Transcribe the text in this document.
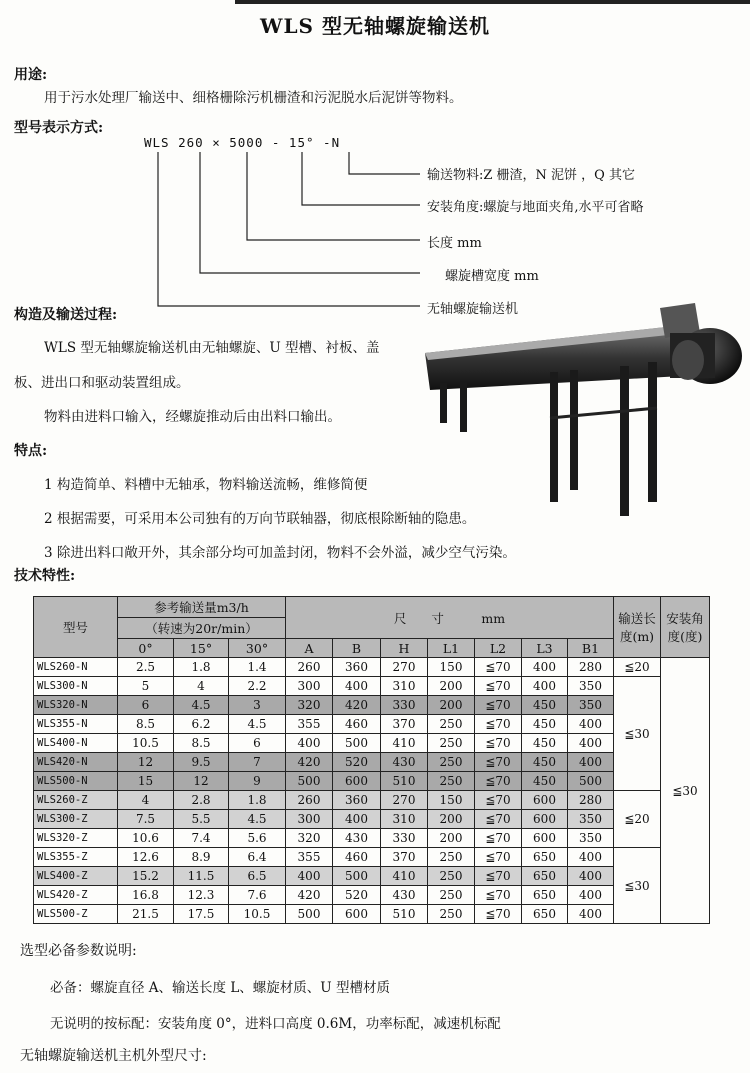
WLS 型无轴螺旋输送机
用途:
用于污水处理厂输送中、细格栅除污机栅渣和污泥脱水后泥饼等物料。
型号表示方式:
WLS 260 × 5000 - 15° -N
输送物料:Z 栅渣，N 泥饼 ，Q 其它
安装角度:螺旋与地面夹角,水平可省略
长度 mm
螺旋槽宽度 mm
无轴螺旋输送机
构造及输送过程:
WLS 型无轴螺旋输送机由无轴螺旋、U 型槽、衬板、盖
板、进出口和驱动装置组成。
物料由进料口输入，经螺旋推动后由出料口输出。
特点:
1 构造简单、料槽中无轴承，物料输送流畅，维修简便
2 根据需要，可采用本公司独有的万向节联轴器，彻底根除断轴的隐患。
3 除进出料口敞开外，其余部分均可加盖封闭，物料不会外溢，减少空气污染。
技术特性:
型号	参考输送量m3/h			尺　　寸　　　mm							输送长度(m)	安装角度(度)
	（转速为20r/min）											
	0°	15°	30°	A	B	H	L1	L2	L3	B1		
WLS260-N	2.5	1.8	1.4	260	360	270	150	≦70	400	280	≦20	≦30
WLS300-N	5	4	2.2	300	400	310	200	≦70	400	350	≦30	
WLS320-N	6	4.5	3	320	420	330	200	≦70	450	350		
WLS355-N	8.5	6.2	4.5	355	460	370	250	≦70	450	400		
WLS400-N	10.5	8.5	6	400	500	410	250	≦70	450	400		
WLS420-N	12	9.5	7	420	520	430	250	≦70	450	400		
WLS500-N	15	12	9	500	600	510	250	≦70	450	500		
WLS260-Z	4	2.8	1.8	260	360	270	150	≦70	600	280	≦20	
WLS300-Z	7.5	5.5	4.5	300	400	310	200	≦70	600	350		
WLS320-Z	10.6	7.4	5.6	320	430	330	200	≦70	600	350		
WLS355-Z	12.6	8.9	6.4	355	460	370	250	≦70	650	400	≦30	
WLS400-Z	15.2	11.5	6.5	400	500	410	250	≦70	650	400		
WLS420-Z	16.8	12.3	7.6	420	520	430	250	≦70	650	400		
WLS500-Z	21.5	17.5	10.5	500	600	510	250	≦70	650	400		
选型必备参数说明:
必备：螺旋直径 A、输送长度 L、螺旋材质、U 型槽材质
无说明的按标配：安装角度 0°，进料口高度 0.6M，功率标配，减速机标配
无轴螺旋输送机主机外型尺寸:
